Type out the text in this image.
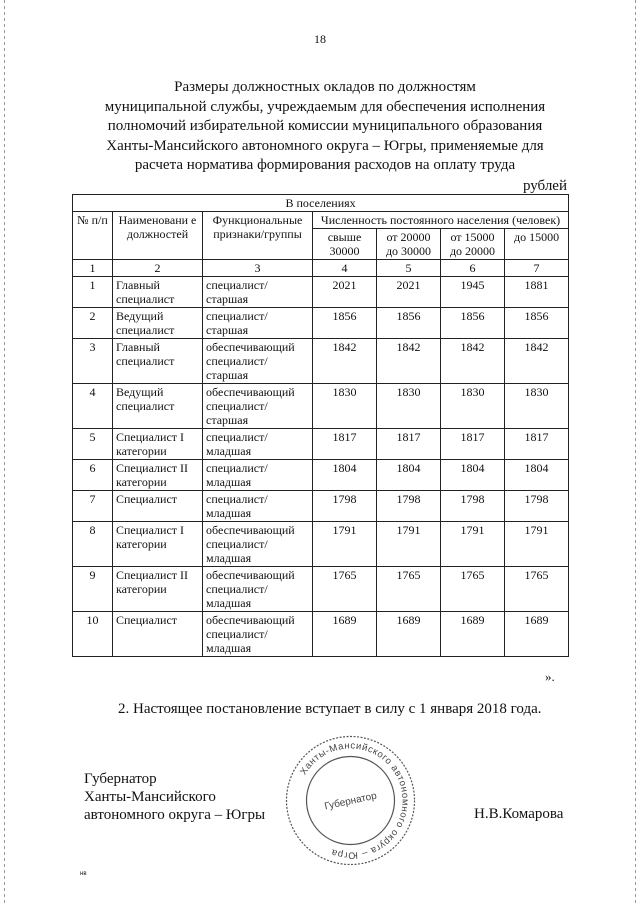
18
Размеры должностных окладов по должностям
муниципальной службы, учреждаемым для обеспечения исполнения
полномочий избирательной комиссии муниципального образования
Ханты-Мансийского автономного округа – Югры, применяемые для
расчета норматива формирования расходов на оплату труда
рублей
В поселениях						
№ п/п	Наименовани е должностей	Функциональные признаки/группы	Численность постоянного населения (человек)			
			свыше 30000	от 20000 до 30000	от 15000 до 20000	до 15000
1	2	3	4	5	6	7
1	Главный специалист	специалист/ старшая	2021	2021	1945	1881
2	Ведущий специалист	специалист/ старшая	1856	1856	1856	1856
3	Главный специалист	обеспечивающий специалист/ старшая	1842	1842	1842	1842
4	Ведущий специалист	обеспечивающий специалист/ старшая	1830	1830	1830	1830
5	Специалист I категории	специалист/ младшая	1817	1817	1817	1817
6	Специалист II категории	специалист/ младшая	1804	1804	1804	1804
7	Специалист	специалист/ младшая	1798	1798	1798	1798
8	Специалист I категории	обеспечивающий специалист/ младшая	1791	1791	1791	1791
9	Специалист II категории	обеспечивающий специалист/ младшая	1765	1765	1765	1765
10	Специалист	обеспечивающий специалист/ младшая	1689	1689	1689	1689
».
2. Настоящее постановление вступает в силу с 1 января 2018 года.
Губернатор
Ханты-Мансийского
автономного округа – Югры
Ханты-Мансийского автономного округа – Югра
Губернатор
Н.В.Комарова
нв
